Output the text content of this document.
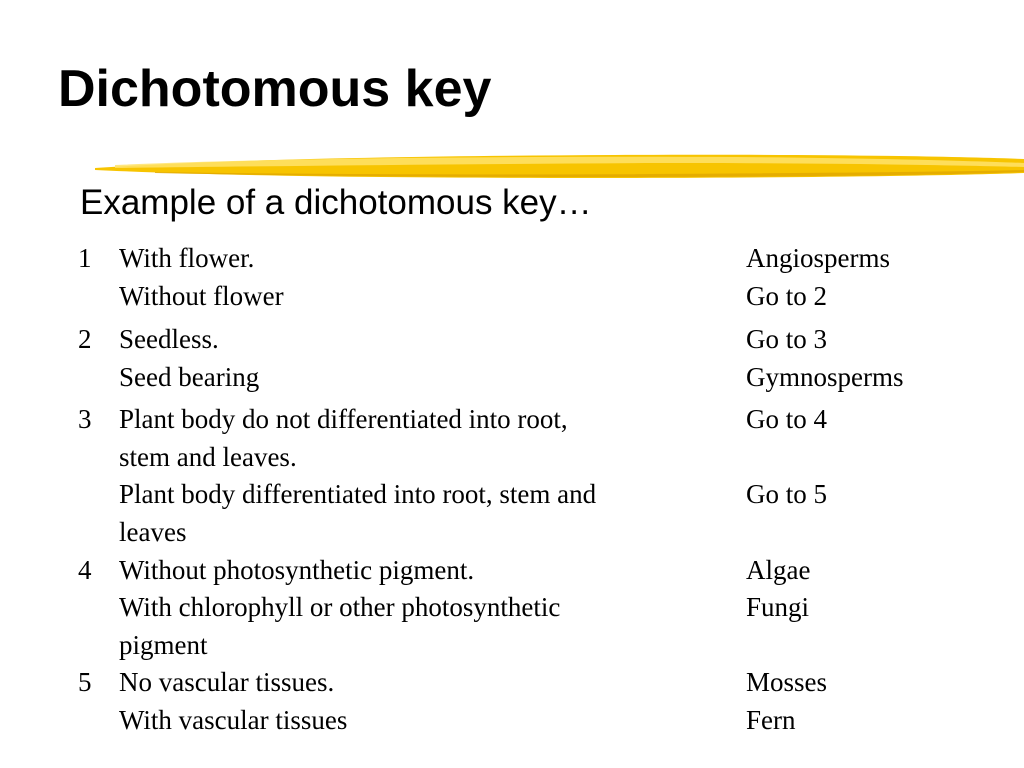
Dichotomous key
Example of a dichotomous key…
1 With flower.	Angiosperms
Without flower	Go to 2
2 Seedless.	Go to 3
Seed bearing	Gymnosperms
3 Plant body do not differentiated into root,	Go to 4
stem and leaves.
Plant body differentiated into root, stem and	Go to 5
leaves
4 Without photosynthetic pigment.	Algae
With chlorophyll or other photosynthetic	Fungi
pigment
5 No vascular tissues.	Mosses
With vascular tissues	Fern
